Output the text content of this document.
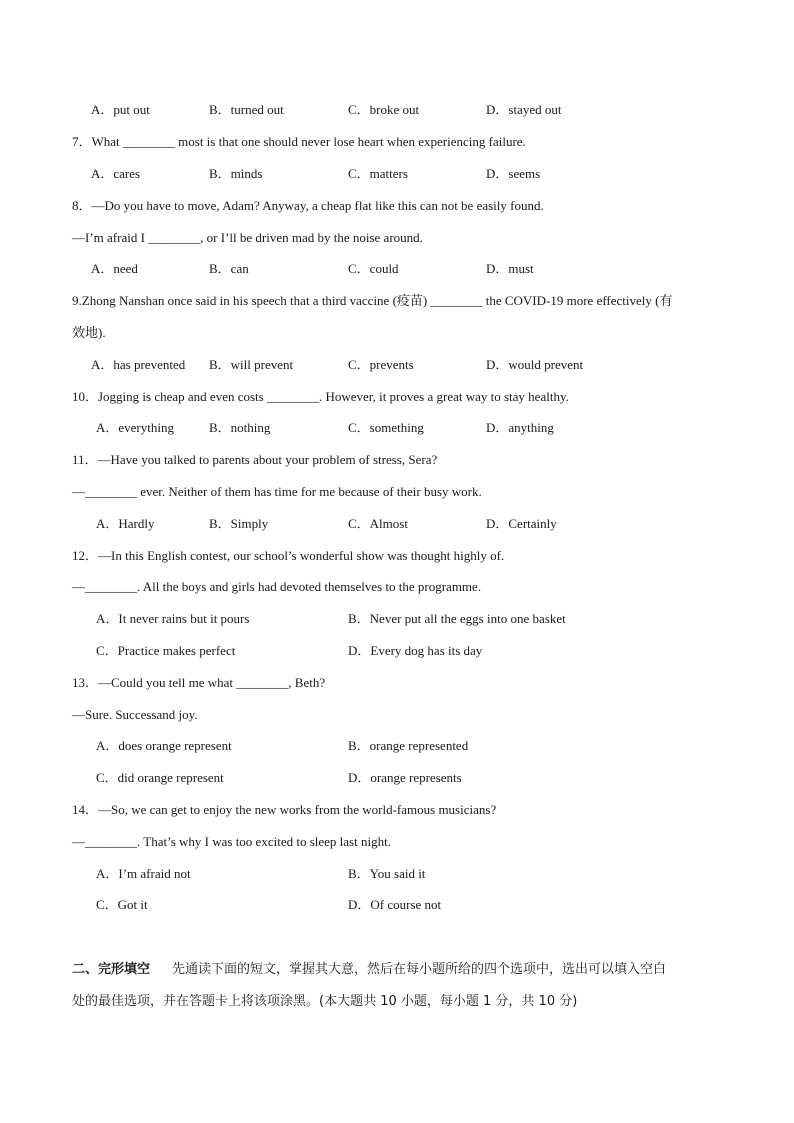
A．put out	B．turned out	C．broke out	D．stayed out
7．What ________ most is that one should never lose heart when experiencing failure.
A．cares	B．minds	C．matters	D．seems
8．—Do you have to move, Adam? Anyway, a cheap flat like this can not be easily found.
—I’m afraid I ________, or I’ll be driven mad by the noise around.
A．need	B．can	C．could	D．must
9.Zhong Nanshan once said in his speech that a third vaccine (疫苗) ________ the COVID-19 more effectively (有
效地).
A．has prevented B．will prevent	C．prevents	D．would prevent
10．Jogging is cheap and even costs ________. However, it proves a great way to stay healthy.
A．everything	B．nothing	C．something	D．anything
11．—Have you talked to parents about your problem of stress, Sera?
—________ ever. Neither of them has time for me because of their busy work.
A．Hardly	B．Simply	C．Almost	D．Certainly
12．—In this English contest, our school’s wonderful show was thought highly of.
—________. All the boys and girls had devoted themselves to the programme.
A．It never rains but it pours	B．Never put all the eggs into one basket
C．Practice makes perfect	D．Every dog has its day
13．—Could you tell me what ________, Beth?
—Sure. Successand joy.
A．does orange represent	B．orange represented
C．did orange represent	D．orange represents
14．—So, we can get to enjoy the new works from the world-famous musicians?
—________. That’s why I was too excited to sleep last night.
A．I’m afraid not	B．You said it
C．Got it	D．Of course not
二、完形填空 先通读下面的短文，掌握其大意，然后在每小题所给的四个选项中，选出可以填入空白
处的最佳选项，并在答题卡上将该项涂黑。(本大题共 10 小题，每小题 1 分，共 10 分)
